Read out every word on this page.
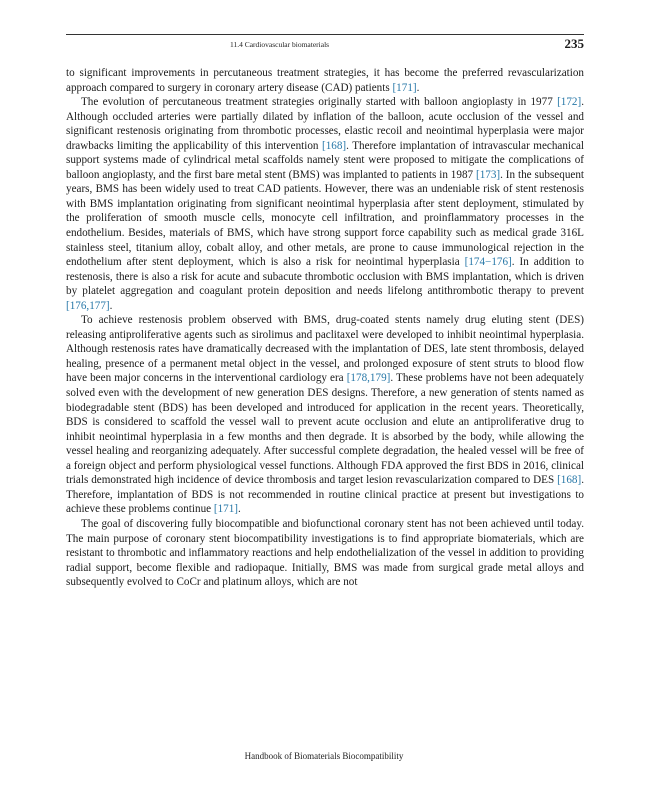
11.4 Cardiovascular biomaterials	235

to significant improvements in percutaneous treatment strategies, it has become the preferred revascularization approach compared to surgery in coronary artery disease (CAD) patients [171].

The evolution of percutaneous treatment strategies originally started with balloon angioplasty in 1977 [172]. Although occluded arteries were partially dilated by inflation of the balloon, acute occlusion of the vessel and significant restenosis originating from thrombotic processes, elastic recoil and neointimal hyperplasia were major drawbacks limiting the applicability of this intervention [168]. Therefore implantation of intravascular mechanical support systems made of cylindrical metal scaffolds namely stent were proposed to mitigate the complications of balloon angioplasty, and the first bare metal stent (BMS) was implanted to patients in 1987 [173]. In the subsequent years, BMS has been widely used to treat CAD patients. However, there was an undeniable risk of stent restenosis with BMS implantation originating from significant neointimal hyperplasia after stent deployment, stimulated by the proliferation of smooth muscle cells, monocyte cell infiltration, and proinflammatory processes in the endothelium. Besides, materials of BMS, which have strong support force capability such as medical grade 316L stainless steel, titanium alloy, cobalt alloy, and other metals, are prone to cause immunological rejection in the endothelium after stent deployment, which is also a risk for neointimal hyperplasia [174−176]. In addition to restenosis, there is also a risk for acute and subacute thrombotic occlusion with BMS implantation, which is driven by platelet aggregation and coagulant protein deposition and needs lifelong antithrombotic therapy to prevent [176,177].

To achieve restenosis problem observed with BMS, drug-coated stents namely drug eluting stent (DES) releasing antiproliferative agents such as sirolimus and paclitaxel were developed to inhibit neointimal hyperplasia. Although restenosis rates have dramatically decreased with the implantation of DES, late stent thrombosis, delayed healing, presence of a permanent metal object in the vessel, and prolonged exposure of stent struts to blood flow have been major concerns in the interventional cardiology era [178,179]. These problems have not been adequately solved even with the development of new generation DES designs. Therefore, a new generation of stents named as biodegradable stent (BDS) has been developed and introduced for application in the recent years. Theoretically, BDS is considered to scaffold the vessel wall to prevent acute occlusion and elute an antiproliferative drug to inhibit neointimal hyperplasia in a few months and then degrade. It is absorbed by the body, while allowing the vessel healing and reorganizing adequately. After successful complete degradation, the healed vessel will be free of a foreign object and perform physiological vessel functions. Although FDA approved the first BDS in 2016, clinical trials demonstrated high incidence of device thrombosis and target lesion revascularization compared to DES [168]. Therefore, implantation of BDS is not recommended in routine clinical practice at present but investigations to achieve these problems continue [171].

The goal of discovering fully biocompatible and biofunctional coronary stent has not been achieved until today. The main purpose of coronary stent biocompatibility investigations is to find appropriate biomaterials, which are resistant to thrombotic and inflammatory reactions and help endothelialization of the vessel in addition to providing radial support, become flexible and radiopaque. Initially, BMS was made from surgical grade metal alloys and subsequently evolved to CoCr and platinum alloys, which are not

Handbook of Biomaterials Biocompatibility
